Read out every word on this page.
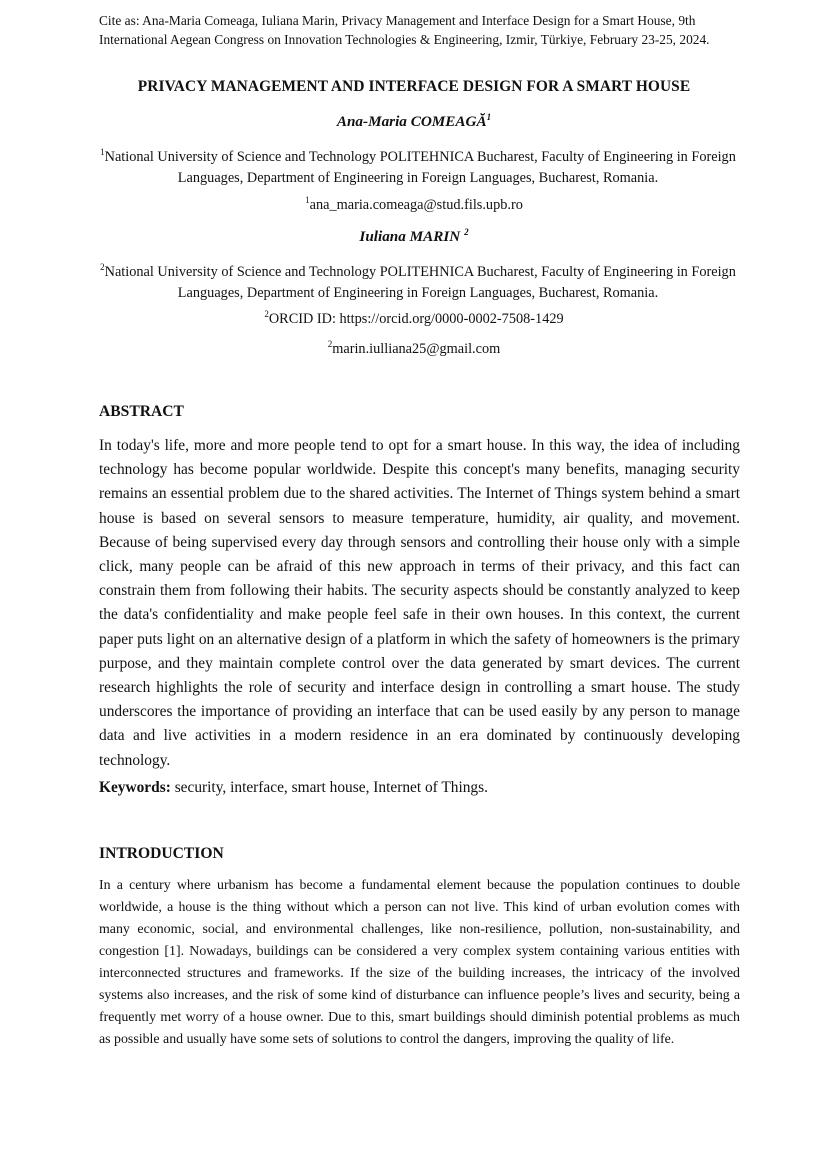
Cite as: Ana-Maria Comeaga, Iuliana Marin, Privacy Management and Interface Design for a Smart House, 9th International Aegean Congress on Innovation Technologies & Engineering, Izmir, Türkiye, February 23-25, 2024.
PRIVACY MANAGEMENT AND INTERFACE DESIGN FOR A SMART HOUSE
Ana-Maria COMEAGĂ$^1$
$^1$National University of Science and Technology POLITEHNICA Bucharest, Faculty of Engineering in Foreign Languages, Department of Engineering in Foreign Languages, Bucharest, Romania.
$^1$ana_maria.comeaga@stud.fils.upb.ro
Iuliana MARIN $^2$
$^2$National University of Science and Technology POLITEHNICA Bucharest, Faculty of Engineering in Foreign Languages, Department of Engineering in Foreign Languages, Bucharest, Romania.
$^2$ORCID ID: https://orcid.org/0000-0002-7508-1429
$^2$marin.iulliana25@gmail.com
ABSTRACT
In today's life, more and more people tend to opt for a smart house. In this way, the idea of including technology has become popular worldwide. Despite this concept's many benefits, managing security remains an essential problem due to the shared activities. The Internet of Things system behind a smart house is based on several sensors to measure temperature, humidity, air quality, and movement. Because of being supervised every day through sensors and controlling their house only with a simple click, many people can be afraid of this new approach in terms of their privacy, and this fact can constrain them from following their habits. The security aspects should be constantly analyzed to keep the data's confidentiality and make people feel safe in their own houses. In this context, the current paper puts light on an alternative design of a platform in which the safety of homeowners is the primary purpose, and they maintain complete control over the data generated by smart devices. The current research highlights the role of security and interface design in controlling a smart house. The study underscores the importance of providing an interface that can be used easily by any person to manage data and live activities in a modern residence in an era dominated by continuously developing technology.
Keywords: security, interface, smart house, Internet of Things.
INTRODUCTION
In a century where urbanism has become a fundamental element because the population continues to double worldwide, a house is the thing without which a person can not live. This kind of urban evolution comes with many economic, social, and environmental challenges, like non-resilience, pollution, non-sustainability, and congestion [1]. Nowadays, buildings can be considered a very complex system containing various entities with interconnected structures and frameworks. If the size of the building increases, the intricacy of the involved systems also increases, and the risk of some kind of disturbance can influence people’s lives and security, being a frequently met worry of a house owner. Due to this, smart buildings should diminish potential problems as much as possible and usually have some sets of solutions to control the dangers, improving the quality of life.
